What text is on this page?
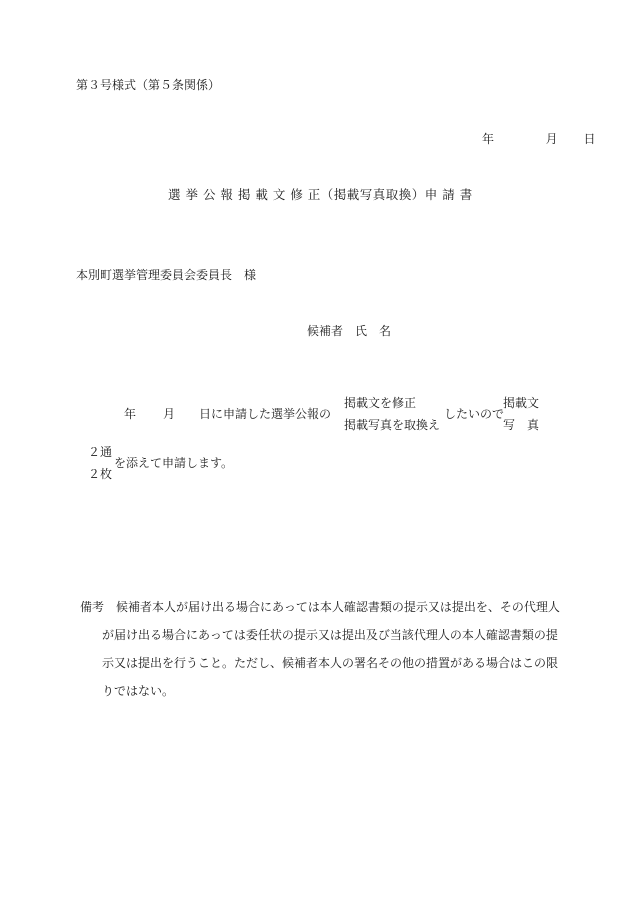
第３号様式（第５条関係）
年	月 日
選 挙 公 報 掲 載 文 修 正（掲載写真取換）申 請 書
本別町選挙管理委員会委員長　様
候補者　氏　名
年 月 日に申請した選挙公報の
掲載文を修正
掲載写真を取換え
したいので
掲載文
写　真
２通
２枚
を添えて申請します。
備考 候補者本人が届け出る場合にあっては本人確認書類の提示又は提出を、その代理人
が届け出る場合にあっては委任状の提示又は提出及び当該代理人の本人確認書類の提
示又は提出を行うこと。ただし、候補者本人の署名その他の措置がある場合はこの限
りではない。
